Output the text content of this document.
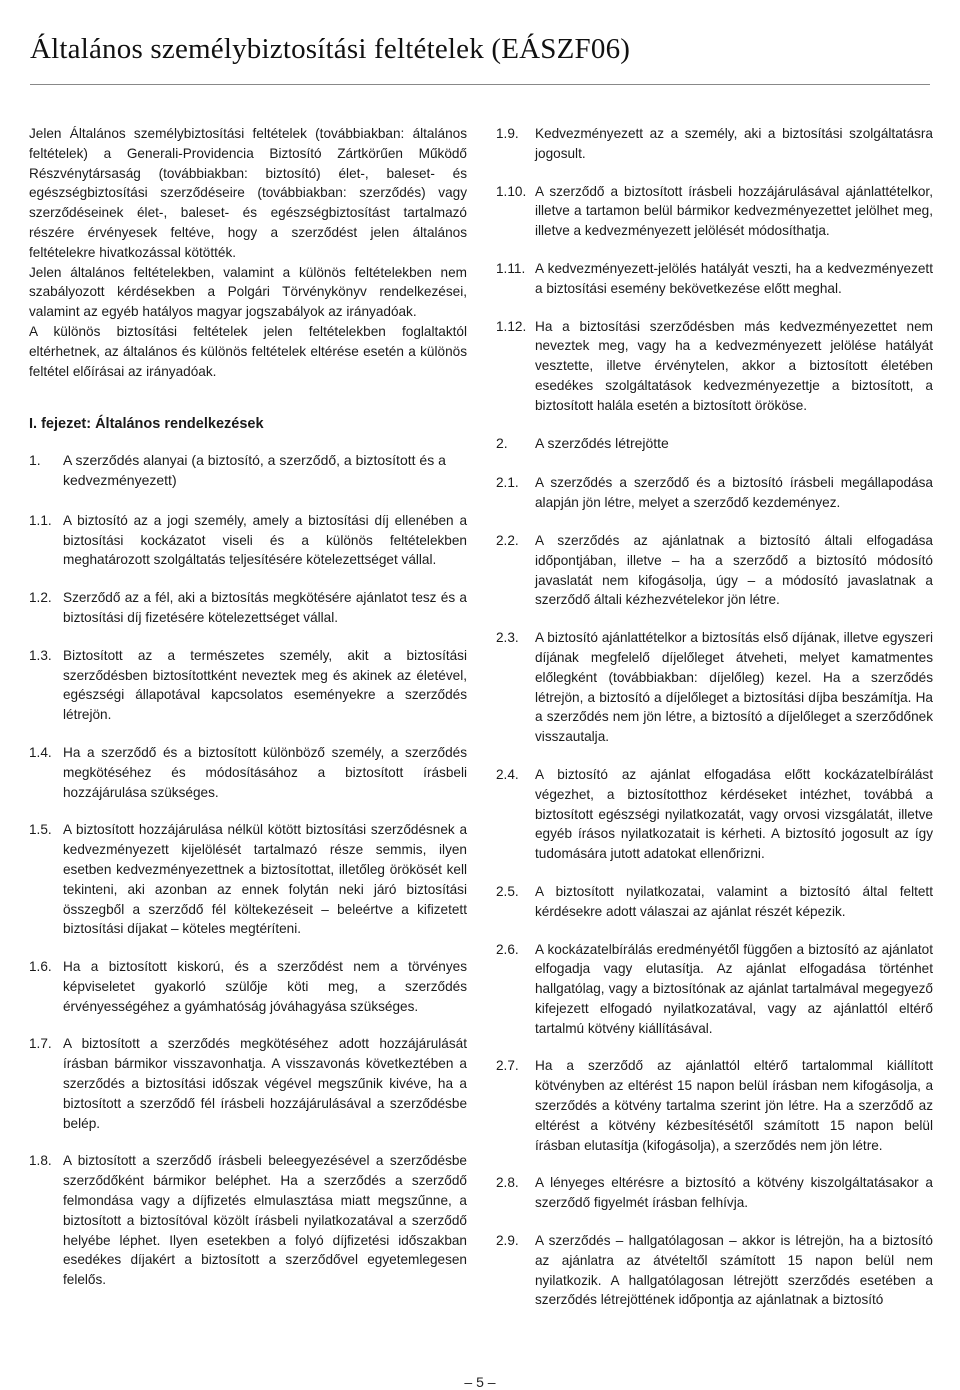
Általános személybiztosítási feltételek (EÁSZF06)

Jelen Általános személybiztosítási feltételek (továbbiakban: általános feltételek) a Generali-Providencia Biztosító Zártkörűen Működő Részvénytársaság (továbbiakban: biztosító) élet-, baleset- és egészségbiztosítási szerződéseire (továbbiakban: szerződés) vagy szerződéseinek élet-, baleset- és egészségbiztosítást tartalmazó részére érvényesek feltéve, hogy a szerződést jelen általános feltételekre hivatkozással kötötték.

Jelen általános feltételekben, valamint a különös feltételekben nem szabályozott kérdésekben a Polgári Törvénykönyv rendelkezései, valamint az egyéb hatályos magyar jogszabályok az irányadóak.

A különös biztosítási feltételek jelen feltételekben foglaltaktól eltérhetnek, az általános és különös feltételek eltérése esetén a különös feltétel előírásai az irányadóak.

I. fejezet: Általános rendelkezések
1.	A szerződés alanyai (a biztosító, a szerződő, a biztosított és a kedvezményezett)
1.1. A biztosító az a jogi személy, amely a biztosítási díj ellenében a biztosítási kockázatot viseli és a különös feltételekben meghatározott szolgáltatás teljesítésére kötelezettséget vállal.
1.2. Szerződő az a fél, aki a biztosítás megkötésére ajánlatot tesz és a biztosítási díj fizetésére kötelezettséget vállal.
1.3. Biztosított az a természetes személy, akit a biztosítási szerződésben biztosítottként neveztek meg és akinek az életével, egészségi állapotával kapcsolatos eseményekre a szerződés létrejön.
1.4. Ha a szerződő és a biztosított különböző személy, a szerződés megkötéséhez és módosításához a biztosított írásbeli hozzájárulása szükséges.
1.5. A biztosított hozzájárulása nélkül kötött biztosítási szerződésnek a kedvezményezett kijelölését tartalmazó része semmis, ilyen esetben kedvezményezettnek a biztosítottat, illetőleg örökösét kell tekinteni, aki azonban az ennek folytán neki járó biztosítási összegből a szerződő fél költekezéseit – beleértve a kifizetett biztosítási díjakat – köteles megtéríteni.
1.6. Ha a biztosított kiskorú, és a szerződést nem a törvényes képviseletet gyakorló szülője köti meg, a szerződés érvényességéhez a gyámhatóság jóváhagyása szükséges.
1.7. A biztosított a szerződés megkötéséhez adott hozzájárulását írásban bármikor visszavonhatja. A visszavonás következtében a szerződés a biztosítási időszak végével megszűnik kivéve, ha a biztosított a szerződő fél írásbeli hozzájárulásával a szerződésbe belép.
1.8. A biztosított a szerződő írásbeli beleegyezésével a szerződésbe szerződőként bármikor beléphet. Ha a szerződés a szerződő felmondása vagy a díjfizetés elmulasztása miatt megszűnne, a biztosított a biztosítóval közölt írásbeli nyilatkozatával a szerződő helyébe léphet. Ilyen esetekben a folyó díjfizetési időszakban esedékes díjakért a biztosított a szerződővel egyetemlegesen felelős.
1.9.	Kedvezményezett az a személy, aki a biztosítási szolgáltatásra jogosult.
1.10. A szerződő a biztosított írásbeli hozzájárulásával ajánlattételkor, illetve a tartamon belül bármikor kedvezményezettet jelölhet meg, illetve a kedvezményezett jelölését módosíthatja.
1.11. A kedvezményezett-jelölés hatályát veszti, ha a kedvezményezett a biztosítási esemény bekövetkezése előtt meghal.
1.12. Ha a biztosítási szerződésben más kedvezményezettet nem neveztek meg, vagy ha a kedvezményezett jelölése hatályát vesztette, illetve érvénytelen, akkor a biztosított életében esedékes szolgáltatások kedvezményezettje a biztosított, a biztosított halála esetén a biztosított örököse.
2.	A szerződés létrejötte
2.1.	A szerződés a szerződő és a biztosító írásbeli megállapodása alapján jön létre, melyet a szerződő kezdeményez.
2.2.	A szerződés az ajánlatnak a biztosító általi elfogadása időpontjában, illetve – ha a szerződő a biztosító módosító javaslatát nem kifogásolja, úgy – a módosító javaslatnak a szerződő általi kézhezvételekor jön létre.
2.3.	A biztosító ajánlattételkor a biztosítás első díjának, illetve egyszeri díjának megfelelő díjelőleget átveheti, melyet kamatmentes előlegként (továbbiakban: díjelőleg) kezel. Ha a szerződés létrejön, a biztosító a díjelőleget a biztosítási díjba beszámítja. Ha a szerződés nem jön létre, a biztosító a díjelőleget a szerződőnek visszautalja.
2.4.	A biztosító az ajánlat elfogadása előtt kockázatelbírálást végezhet, a biztosítotthoz kérdéseket intézhet, továbbá a biztosított egészségi nyilatkozatát, vagy orvosi vizsgálatát, illetve egyéb írásos nyilatkozatait is kérheti. A biztosító jogosult az így tudomására jutott adatokat ellenőrizni.
2.5.	A biztosított nyilatkozatai, valamint a biztosító által feltett kérdésekre adott válaszai az ajánlat részét képezik.
2.6.	A kockázatelbírálás eredményétől függően a biztosító az ajánlatot elfogadja vagy elutasítja. Az ajánlat elfogadása történhet hallgatólag, vagy a biztosítónak az ajánlat tartalmával megegyező kifejezett elfogadó nyilatkozatával, vagy az ajánlattól eltérő tartalmú kötvény kiállításával.
2.7.	Ha a szerződő az ajánlattól eltérő tartalommal kiállított kötvényben az eltérést 15 napon belül írásban nem kifogásolja, a szerződés a kötvény tartalma szerint jön létre. Ha a szerződő az eltérést a kötvény kézbesítésétől számított 15 napon belül írásban elutasítja (kifogásolja), a szerződés nem jön létre.
2.8.	A lényeges eltérésre a biztosító a kötvény kiszolgáltatásakor a szerződő figyelmét írásban felhívja.
2.9.	A szerződés – hallgatólagosan – akkor is létrejön, ha a biztosító az ajánlatra az átvételtől számított 15 napon belül nem nyilatkozik. A hallgatólagosan létrejött szerződés esetében a szerződés létrejöttének időpontja az ajánlatnak a biztosító
– 5 –
